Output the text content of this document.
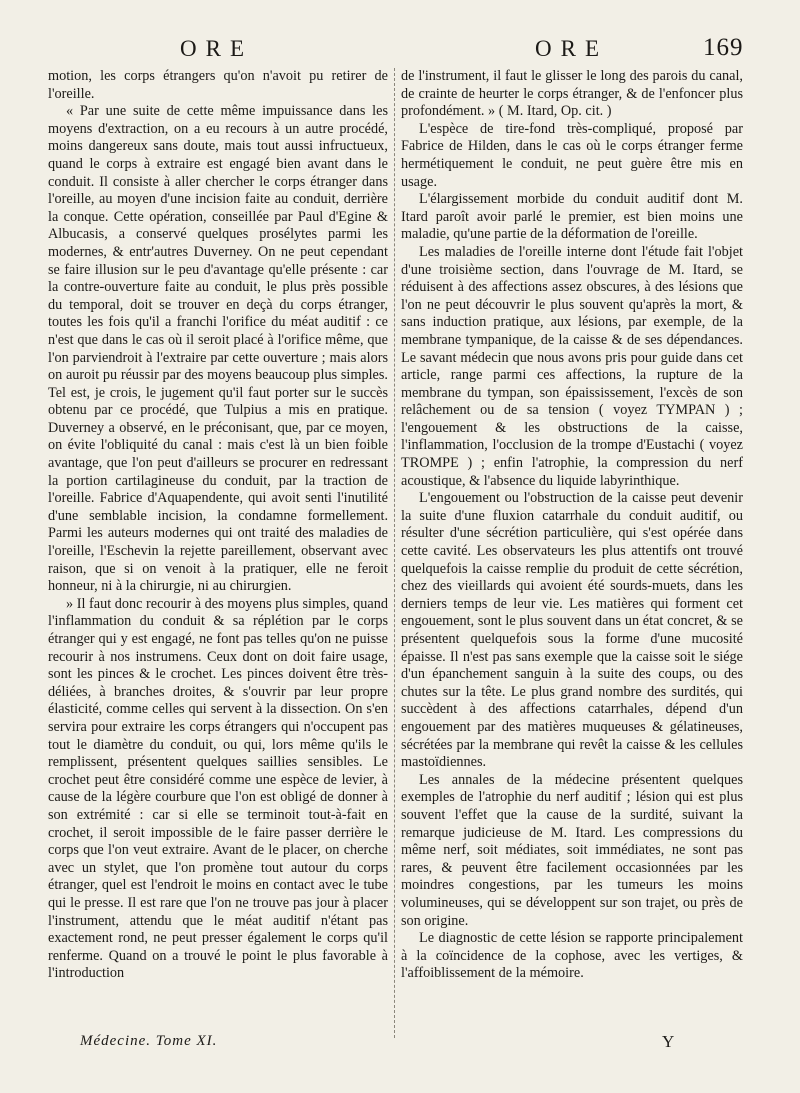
ORE	ORE	169

motion, les corps étrangers qu'on n'avoit pu retirer de l'oreille.

« Par une suite de cette même impuissance dans les moyens d'extraction, on a eu recours à un autre procédé, moins dangereux sans doute, mais tout aussi infructueux, quand le corps à extraire est engagé bien avant dans le conduit. Il consiste à aller chercher le corps étranger dans l'oreille, au moyen d'une incision faite au conduit, derrière la conque. Cette opération, conseillée par Paul d'Egine & Albucasis, a conservé quelques prosélytes parmi les modernes, & entr'autres Duverney. On ne peut cependant se faire illusion sur le peu d'avantage qu'elle présente : car la contre-ouverture faite au conduit, le plus près possible du temporal, doit se trouver en deçà du corps étranger, toutes les fois qu'il a franchi l'orifice du méat auditif : ce n'est que dans le cas où il seroit placé à l'orifice même, que l'on parviendroit à l'extraire par cette ouverture ; mais alors on auroit pu réussir par des moyens beaucoup plus simples. Tel est, je crois, le jugement qu'il faut porter sur le succès obtenu par ce procédé, que Tulpius a mis en pratique. Duverney a observé, en le préconisant, que, par ce moyen, on évite l'obliquité du canal : mais c'est là un bien foible avantage, que l'on peut d'ailleurs se procurer en redressant la portion cartilagineuse du conduit, par la traction de l'oreille. Fabrice d'Aquapendente, qui avoit senti l'inutilité d'une semblable incision, la condamne formellement. Parmi les auteurs modernes qui ont traité des maladies de l'oreille, l'Eschevin la rejette pareillement, observant avec raison, que si on venoit à la pratiquer, elle ne feroit honneur, ni à la chirurgie, ni au chirurgien.

» Il faut donc recourir à des moyens plus simples, quand l'inflammation du conduit & sa réplétion par le corps étranger qui y est engagé, ne font pas telles qu'on ne puisse recourir à nos instrumens. Ceux dont on doit faire usage, sont les pinces & le crochet. Les pinces doivent être très-déliées, à branches droites, & s'ouvrir par leur propre élasticité, comme celles qui servent à la dissection. On s'en servira pour extraire les corps étrangers qui n'occupent pas tout le diamètre du conduit, ou qui, lors même qu'ils le remplissent, présentent quelques saillies sensibles. Le crochet peut être considéré comme une espèce de levier, à cause de la légère courbure que l'on est obligé de donner à son extrémité : car si elle se terminoit tout-à-fait en crochet, il seroit impossible de le faire passer derrière le corps que l'on veut extraire. Avant de le placer, on cherche avec un stylet, que l'on promène tout autour du corps étranger, quel est l'endroit le moins en contact avec le tube qui le presse. Il est rare que l'on ne trouve pas jour à placer l'instrument, attendu que le méat auditif n'étant pas exactement rond, ne peut presser également le corps qu'il renferme. Quand on a trouvé le point le plus favorable à l'introduction

de l'instrument, il faut le glisser le long des parois du canal, de crainte de heurter le corps étranger, & de l'enfoncer plus profondément. » ( M. Itard, Op. cit. )

L'espèce de tire-fond très-compliqué, proposé par Fabrice de Hilden, dans le cas où le corps étranger ferme hermétiquement le conduit, ne peut guère être mis en usage.

L'élargissement morbide du conduit auditif dont M. Itard paroît avoir parlé le premier, est bien moins une maladie, qu'une partie de la déformation de l'oreille.

Les maladies de l'oreille interne dont l'étude fait l'objet d'une troisième section, dans l'ouvrage de M. Itard, se réduisent à des affections assez obscures, à des lésions que l'on ne peut découvrir le plus souvent qu'après la mort, & sans induction pratique, aux lésions, par exemple, de la membrane tympanique, de la caisse & de ses dépendances. Le savant médecin que nous avons pris pour guide dans cet article, range parmi ces affections, la rupture de la membrane du tympan, son épaississement, l'excès de son relâchement ou de sa tension ( voyez TYMPAN ) ; l'engouement & les obstructions de la caisse, l'inflammation, l'occlusion de la trompe d'Eustachi ( voyez TROMPE ) ; enfin l'atrophie, la compression du nerf acoustique, & l'absence du liquide labyrinthique.

L'engouement ou l'obstruction de la caisse peut devenir la suite d'une fluxion catarrhale du conduit auditif, ou résulter d'une sécrétion particulière, qui s'est opérée dans cette cavité. Les observateurs les plus attentifs ont trouvé quelquefois la caisse remplie du produit de cette sécrétion, chez des vieillards qui avoient été sourds-muets, dans les derniers temps de leur vie. Les matières qui forment cet engouement, sont le plus souvent dans un état concret, & se présentent quelquefois sous la forme d'une mucosité épaisse. Il n'est pas sans exemple que la caisse soit le siége d'un épanchement sanguin à la suite des coups, ou des chutes sur la tête. Le plus grand nombre des surdités, qui succèdent à des affections catarrhales, dépend d'un engouement par des matières muqueuses & gélatineuses, sécrétées par la membrane qui revêt la caisse & les cellules mastoïdiennes.

Les annales de la médecine présentent quelques exemples de l'atrophie du nerf auditif ; lésion qui est plus souvent l'effet que la cause de la surdité, suivant la remarque judicieuse de M. Itard. Les compressions du même nerf, soit médiates, soit immédiates, ne sont pas rares, & peuvent être facilement occasionnées par les moindres congestions, par les tumeurs les moins volumineuses, qui se développent sur son trajet, ou près de son origine.

Le diagnostic de cette lésion se rapporte principalement à la coïncidence de la cophose, avec les vertiges, & l'affoiblissement de la mémoire.

Médecine. Tome XI.	Y
